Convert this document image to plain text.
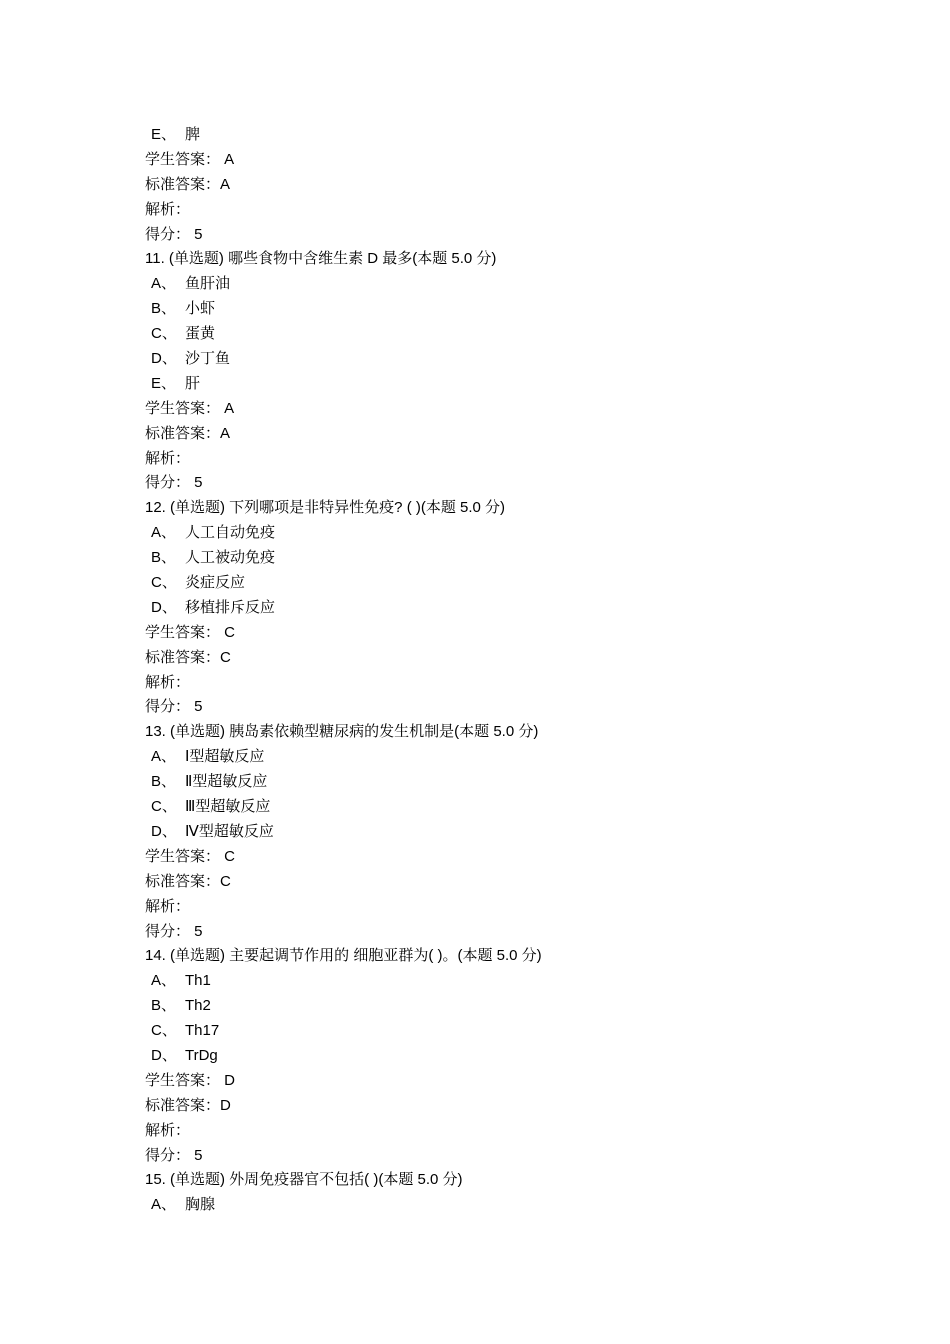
E、 脾
学生答案： A
标准答案：A
解析：
得分： 5
11. (单选题) 哪些食物中含维生素 D 最多(本题 5.0 分)
A、 鱼肝油
B、 小虾
C、 蛋黄
D、 沙丁鱼
E、 肝
学生答案： A
标准答案：A
解析：
得分： 5
12. (单选题) 下列哪项是非特异性免疫? ( )(本题 5.0 分)
A、 人工自动免疫
B、 人工被动免疫
C、 炎症反应
D、 移植排斥反应
学生答案： C
标准答案：C
解析：
得分： 5
13. (单选题) 胰岛素依赖型糖尿病的发生机制是(本题 5.0 分)
A、 Ⅰ型超敏反应
B、 Ⅱ型超敏反应
C、 Ⅲ型超敏反应
D、 Ⅳ型超敏反应
学生答案： C
标准答案：C
解析：
得分： 5
14. (单选题) 主要起调节作用的 细胞亚群为( )。(本题 5.0 分)
A、 Th1
B、 Th2
C、 Th17
D、 TrDg
学生答案： D
标准答案：D
解析：
得分： 5
15. (单选题) 外周免疫器官不包括( )(本题 5.0 分)
A、 胸腺
